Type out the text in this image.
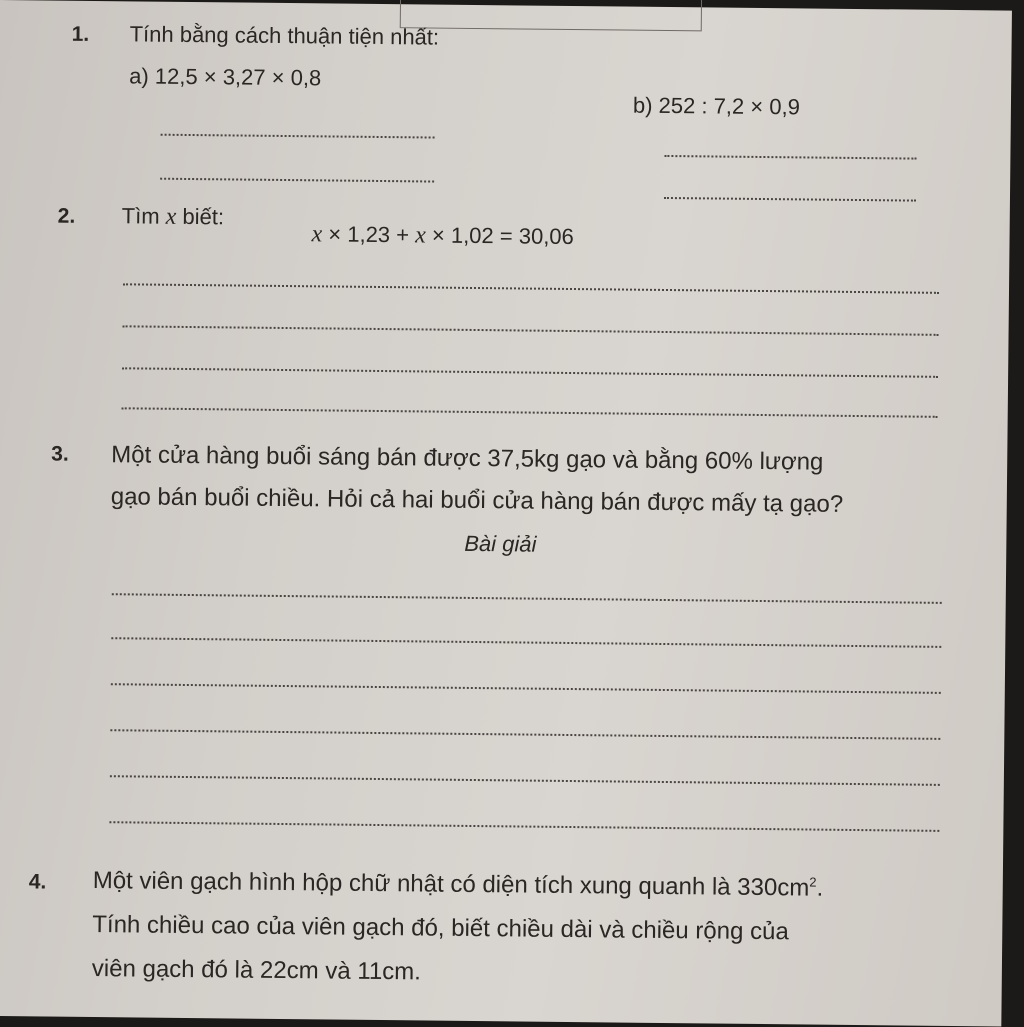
1. Tính bằng cách thuận tiện nhất:
a) 12,5 × 3,27 × 0,8
b) 252 : 7,2 × 0,9
2. Tìm x biết:
x × 1,23 + x × 1,02 = 30,06
3. Một cửa hàng buổi sáng bán được 37,5kg gạo và bằng 60% lượng
gạo bán buổi chiều. Hỏi cả hai buổi cửa hàng bán được mấy tạ gạo?
Bài giải
4. Một viên gạch hình hộp chữ nhật có diện tích xung quanh là $330cm^2$.
Tính chiều cao của viên gạch đó, biết chiều dài và chiều rộng của
viên gạch đó là 22cm và 11cm.
